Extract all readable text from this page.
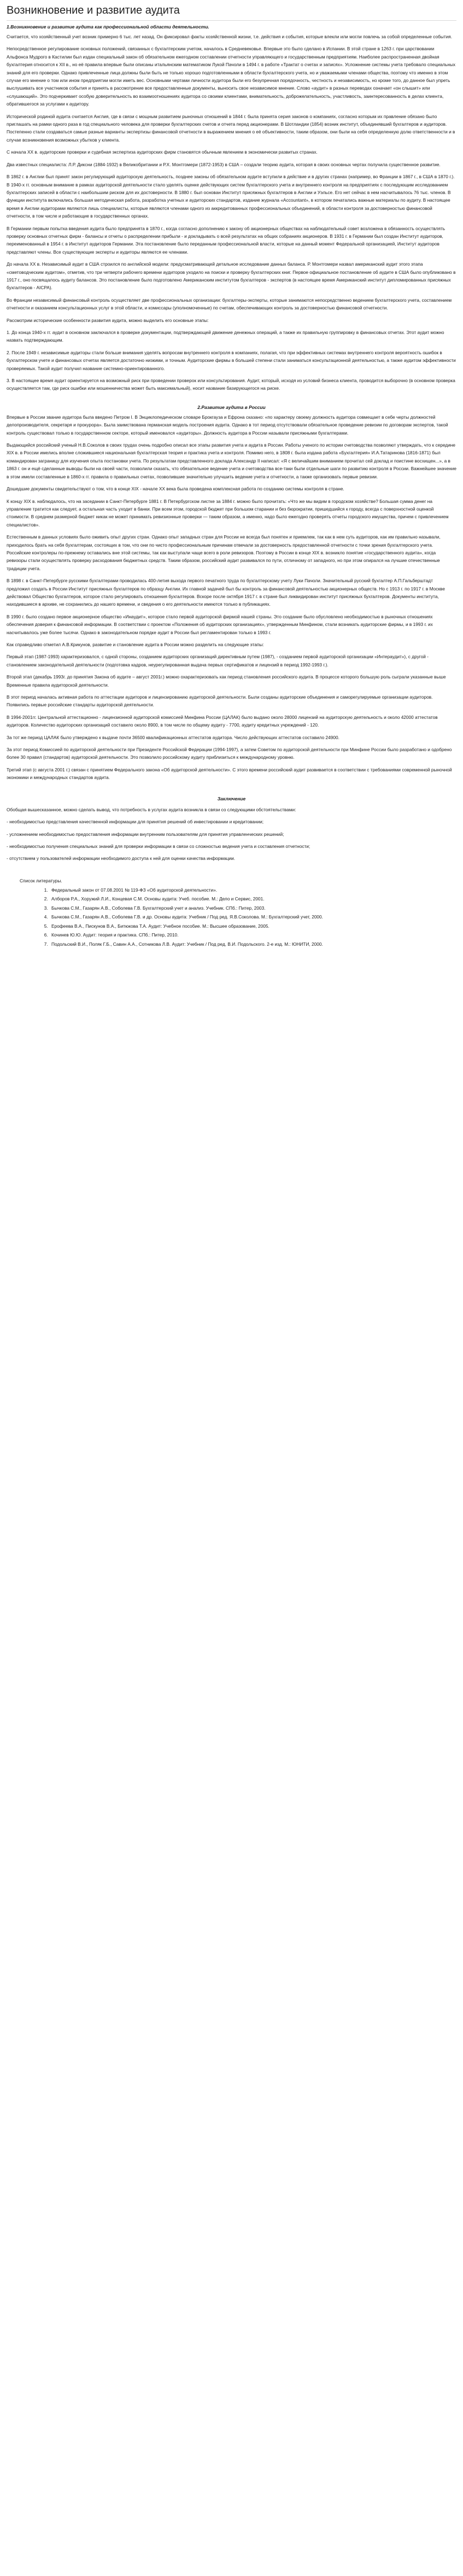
Возникновение и развитие аудита
1.Возникновение и развитие аудита как профессиональной области деятельности.

Считается, что хозяйственный учет возник примерно 6 тыс. лет назад. Он фиксировал факты хозяйственной жизни, т.е. действия и события, которые влекли или могли повлечь за собой определенные события.

Непосредственное регулирование основных положений, связанных с бухгалтерским учетом, началось в Средневековье. Впервые это было сделано в Испании. В этой стране в 1263 г. при царствовании Альфонса Мудрого в Кастилии был издан специальный закон об обязательном ежегодном составлении отчетности управляющего и государственным предприятиям. Наиболее распространенная двойная бухгалтерия относится к XII в., но её правила впервые были описаны итальянским математиком Лукой Пачоли в 1494 г. в работе «Трактат о счетах и записях». Усложнение системы учета требовало специальных знаний для его проверки. Однако привлеченные лица должны были быть не только хорошо подготовленными в области бухгалтерского учета, но и уважаемыми членами общества, поэтому что именно в этом случае его мнение о том или ином предприятии могли иметь вес. Основными чертами личности аудитора были его безупречная порядочность, честность и независимость, но кроме того, до данное был упреть выслушивать все участников события и принять в рассмотрение все предоставленные документы, выносить свое независимое мнение. Слово «аудит» в разных переводах означает «он слышит» или «слушающий». Это подчеркивает особую доверительность во взаимоотношениях аудитора со своими клиентами, внимательность, доброжелательность, участливость, заинтересованность в делах клиента, обратившегося за услугами к аудитору.

Исторической родиной аудита считается Англия, где в связи с мощным развитием рыночных отношений в 1844 г. была принята серия законов о компаниях, согласно которым их правление обязано было приглашать на рамки одного раза в год специального человека для проверки бухгалтерских счетов и отчета перед акционерами. В Шотландии (1854) возник институт, объединявший бухгалтеров и аудиторов. Постепенно стали создаваться самые разные варианты экспертизы финансовой отчетности в выражением мнения о её объективности, таким образом, они были на себя определенную долю ответственности и в случае возникновения возможных убытков у клиента.

С начала XX в. аудиторские проверки и судебная экспертиза аудиторских фирм становятся обычным явлением в экономически развитых странах.

Два известных специалиста: Л.Р. Диксни (1884-1932) в Великобритании и Р.Х. Монтгомери (1872-1953) в США – создали теорию аудита, которая в своих основных чертах получила существенное развитие.

В 1862 г. в Англии был принят закон регулирующий аудиторскую деятельность, позднее законы об обязательном аудите вступили в действие и в других странах (например, во Франции в 1867 г., в США в 1870 г.). В 1940-х гг. основным внимание в рамках аудиторской деятельности стало уделять оценке действующих систем бухгалтерского учета и внутреннего контроля на предприятиях с последующим исследованием бухгалтерских записей в области с наибольшим риском для их достоверности. В 1880 г. был основан Институт присяжных бухгалтеров в Англии и Уэльсе. Его нет сейчас в нем насчитывалось 76 тыс. членов. В функции института включались большая методическая работа, разработка учетных и аудиторских стандартов, издание журнала «Accountant», в котором печатались важные материалы по аудиту. В настоящее время в Англии аудиторами являются лишь специалисты, которые являются членами одного из аккредитованных профессиональных объединений, в области контроля за достоверностью финансовой отчетности, в том числе и работающие в государственных органах.

В Германии первым попытка введения аудита было предпринята в 1870 г., когда согласно дополнению к закону об акционерных обществах на наблюдательный совет возложена в обязанность осуществлять проверку основных отчетных фирм - балансы и отчеты о распределении прибыли - и докладывать о всей результатах на общих собраниях акционеров. В 1931 г. в Германии был создан Институт аудиторов, переименованный в 1954 г. в Институт аудиторов Германии. Эта постановление было переданным профессиональной власти, которые на данный момент Федеральной организацией, Институт аудиторов представляют члены. Все существующие эксперты и аудиторы являются ее членами.

До начала XX в. Независимый аудит в США строился по английской модели: предусматривающей детальное исследование данных баланса. Р. Монтгомери назвал американский аудит этого этапа «сметоводческим аудитом», отметив, что три четверти рабочего времени аудиторов уходило на поиски и проверку бухгалтерских книг. Первое официальное постановление об аудите в США было опубликовано в 1917 г., оно посвящалось аудиту балансов. Это постановление было подготовлено Американским институтом бухгалтеров - экспертов (в настоящее время Американский институт дипломированных присяжных бухгалтеров - AICPA).

Во Франции независимый финансовый контроль осуществляет две профессиональных организации: бухгалтеры-эксперты, которые занимаются непосредственно ведением бухгалтерского учета, составлением отчетности и оказанием консультационных услуг в этой области, и комиссары (уполномоченные) по счетам, обеспечивающих контроль за достоверностью финансовой отчетности.

Рассмотрим исторические особенности развития аудита, можно выделить его основные этапы:

1. До конца 1940-х гг. аудит в основном заключался в проверке документации, подтверждающей движение денежных операций, а также их правильную группировку в финансовых отчетах. Этот аудит можно назвать подтверждающим.

2. После 1949 г. независимые аудиторы стали больше внимания уделять вопросам внутреннего контроля в компаниях, полагая, что при эффективных системах внутреннего контроля вероятность ошибок в бухгалтерском учете и финансовых отчетах является достаточно низкими, и точным. Аудиторские фирмы в большей степени стали заниматься консультационной деятельностью, а также аудитом эффективности проверяемых. Такой аудит получил название системно-ориентированного.

3. В настоящее время аудит ориентируется на возможный риск при проведении проверок или консультирования. Аудит, который, исходя из условий бизнеса клиента, проводится выборочно (в основном проверка осуществляется там, где риск ошибки или мошенничества может быть максимальный), носит название базирующегося на риске.

2.Развитие аудита в России

Впервые в России звание аудитора была введено Петром I. В Энциклопедическом словаре Брокгауза и Ефрона сказано: «по характеру своему должность аудитора совмещает в себе черты должностей делопроизводителя, секретаря и прокурора». Была заимствована германская модель построения аудита. Однако в тот период отсутствовали обязательное проведение ревизии по договорам экспертов, такой контроль существовал только в государственном секторе, который именовался «аудиторы». Должность аудитора в России называли присяжными бухгалтерами.

Выдающийся российский ученый Н.В.Соколов в своих трудах очень подробно описал все этапы развития учета и аудита в России. Работы ученого по истории счетоводства позволяют утверждать, что к середине XIX в. в России имелись вполне сложившиеся национальная бухгалтерская теория и практика учета и контроля. Помимо него, в 1808 г. была издана работа «Бухгалтерия» И.А.Татаринова (1816-1871) был командирован заграницу для изучения опыта постановки учета. По результатам представленного доклада Александр II написал: «Я с величайшим вниманием прочитал сей доклад и поистине восхищен...», а в 1863 г. он и ещё сделанные выводы были на своей части, позволили сказать, что обязательное ведение учета и счетоводства все-таки были отдельные шаги по развитию контроля в России. Важнейшее значение в этом имели составленные в 1860-х гг. правила о правильных счетах, позволившие значительно улучшить ведение учета и отчетности, а также организовать первые ревизии.

Дошедшие документы свидетельствуют о том, что в конце XIX - начале XX века была проведена комплексная работа по созданию системы контроля в стране.

К концу XIX в. наблюдалось, что на заседании в Санкт-Петербурге 1881 г. В Петербургском листке за 1884 г. можно было прочитать: «Что же мы видим в городском хозяйстве? Большая сумма денег на управление тратится как следует, а остальная часть уходит в банки. При всем этом, городской бюджет при большом старании и без бюрократии, пришедшийся к городу, всегда с поверхностной оценкой стоимости. В среднем размерной бюджет никак не может принимать ревизионные проверки — таким образом, а именно, надо было ежегодно проверять отчеты городского имущества, причем с привлечением специалистов».

Естественным в данных условиях было оживить опыт других стран. Однако опыт западных стран для России не всегда был понятен и приемлем, так как в нем суть аудиторов, как им правильно называли, приходилось брать на себя бухгалтерам, состоящих в том, что они по чисто профессиональным причинам отвечали за достоверность предоставленной отчетности с точки зрения бухгалтерского учета. Российские контролеры по-прежнему оставались вне этой системы, так как выступали чаще всего в роли ревизоров. Поэтому в России в конце XIX в. возникло понятие «государственного аудита», когда ревизоры стали осуществлять проверку расходования бюджетных средств. Таким образом, российский аудит развивался по пути, отличному от западного, но при этом опирался на лучшие отечественные традиции учета.

В 1898 г. в Санкт-Петербурге русскими бухгалтерами проводилась 400-летия выхода первого печатного труда по бухгалтерскому учету Луки Пачоли. Значительный русский бухгалтер А.П.Гальберштадт предложил создать в России Институт присяжных бухгалтеров по образцу Англии. Их главной задачей был бы контроль за финансовой деятельностью акционерных обществ. Но с 1913 г. по 1917 г. в Москве действовал Общество бухгалтеров, которое стало регулировать отношения бухгалтеров. Вскоре после октября 1917 г. в стране был ликвидирован институт присяжных бухгалтеров. Документы института, находившиеся в архиве, не сохранились до нашего времени, и сведения о его деятельности имеются только в публикациях.

В 1990 г. было создано первое акционерное общество «Инаудит», которое стало первой аудиторской фирмой нашей страны. Это создание было обусловлено необходимостью в рыночных отношениях обеспечения доверия к финансовой информации. В соответствии с проектом «Положения об аудиторских организациях», утвержденным Минфином, стали возникать аудиторские фирмы, и в 1993 г. их насчитывалось уже более тысячи. Однако в законодательном порядке аудит в России был регламентирован только в 1993 г.

Как справедливо отметил А.В.Крикунов, развитие и становление аудита в России можно разделить на следующие этапы:

Первый этап (1987-1993) характеризовался, с одной стороны, созданием аудиторских организаций директивным путем (1987), - созданием первой аудиторской организации «Интераудит»), с другой - становлением законодательной деятельности (подготовка кадров, неурегулированная выдача первых сертификатов и лицензий в период 1992-1993 г.).

Второй этап (декабрь 1993г. до принятия Закона об аудите – август 2001г.) можно охарактеризовать как период становления российского аудита. В процессе которого большую роль сыграли указанные выше Временные правила аудиторской деятельности.

В этот период началась активная работа по аттестации аудиторов и лицензированию аудиторской деятельности. Были созданы аудиторские объединения и саморегулируемые организации аудиторов. Появились первые российские стандарты аудиторской деятельности.

В 1994-2001гг. Центральной аттестационно - лицензионной аудиторской комиссией Минфина России (ЦАЛАК) было выдано около 28000 лицензий на аудиторскую деятельность и около 42000 аттестатов аудиторов. Количество аудиторских организаций составило около 8900, в том числе по общему аудиту - 7700, аудиту кредитных учреждений - 120.

За тот же период ЦАЛАК было утверждено к выдаче почти 36500 квалификационных аттестатов аудитора. Число действующих аттестатов составило 24900.

За этот период Комиссией по аудиторской деятельности при Президенте Российской Федерации (1994-1997), а затем Советом по аудиторской деятельности при Минфине России было разработано и одобрено более 30 правил (стандартов) аудиторской деятельности. Это позволило российскому аудиту приблизиться к международному уровню.

Третий этап (с августа 2001 г.) связан с принятием Федерального закона «Об аудиторской деятельности». С этого времени российский аудит развивается в соответствии с требованиями современной рыночной экономики и международных стандартов аудита.

Заключение

Обобщая вышесказанное, можно сделать вывод, что потребность в услугах аудита возникла в связи со следующими обстоятельствами:

- необходимостью представления качественной информации для принятия решений об инвестировании и кредитовании;

- усложнением необходимостью предоставления информации внутренним пользователям для принятия управленческих решений;

- необходимостью получения специальных знаний для проверки информации в связи со сложностью ведения учета и составления отчетности;

- отсутствием у пользователей информации необходимого доступа к ней для оценки качества информации.

Список литературы.
1. Федеральный закон от 07.08.2001 № 119-ФЗ «Об аудиторской деятельности».
2. Алборов Р.А., Хоружий Л.И., Концевая С.М. Основы аудита: Учеб. пособие. М.: Дело и Сервис, 2001.
3. Бычкова С.М., Газарян А.В., Соболева Г.В. Бухгалтерский учет и анализ. Учебник. СПб.: Питер, 2003.
4. Бычкова С.М., Газарян А.В., Соболева Г.В. и др. Основы аудита: Учебник / Под ред. Я.В.Соколова. М.: Бухгалтерский учет, 2000.
5. Ерофеева В.А., Пискунов В.А., Битюкова Т.А. Аудит: Учебное пособие. М.: Высшее образование, 2005.
6. Кочинев Ю.Ю. Аудит: теория и практика. СПб.: Питер, 2010.
7. Подольский В.И., Поляк Г.Б., Савин А.А., Сотникова Л.В. Аудит: Учебник / Под ред. В.И. Подольского. 2-е изд. М.: ЮНИТИ, 2000.
